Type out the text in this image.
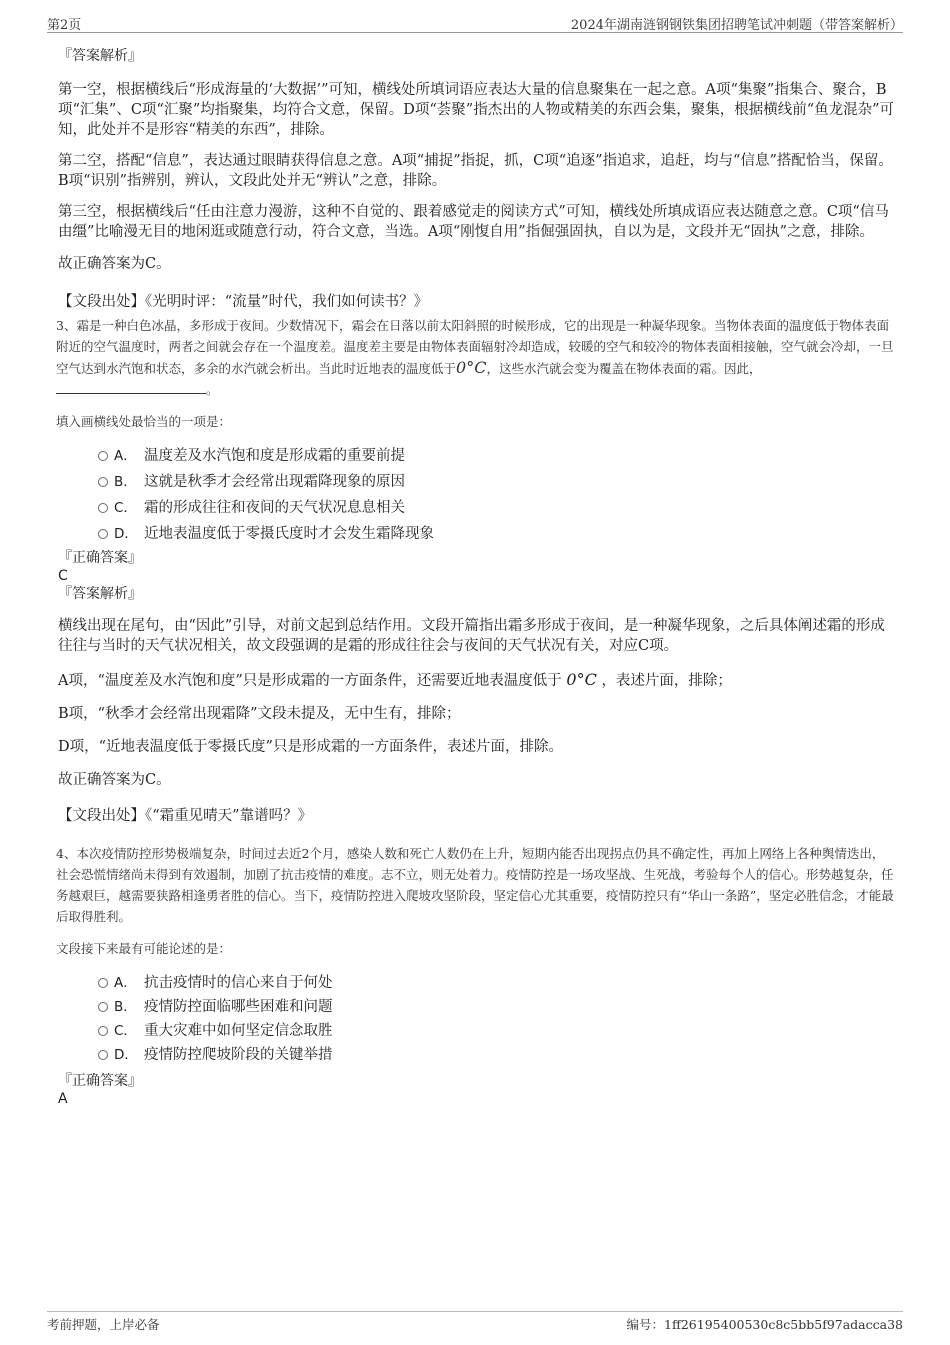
第2页	2024年湖南涟钢钢铁集团招聘笔试冲刺题（带答案解析）

『答案解析』

第一空，根据横线后“形成海量的‘大数据’”可知，横线处所填词语应表达大量的信息聚集在一起之意。A项“集聚”指集合、聚合，B项“汇集”、C项“汇聚”均指聚集，均符合文意，保留。D项“荟聚”指杰出的人物或精美的东西会集，聚集，根据横线前“鱼龙混杂”可知，此处并不是形容“精美的东西”，排除。

第二空，搭配“信息”，表达通过眼睛获得信息之意。A项“捕捉”指捉，抓，C项“追逐”指追求，追赶，均与“信息”搭配恰当，保留。B项“识别”指辨别，辨认，文段此处并无“辨认”之意，排除。

第三空，根据横线后“任由注意力漫游，这种不自觉的、跟着感觉走的阅读方式”可知，横线处所填成语应表达随意之意。C项“信马由缰”比喻漫无目的地闲逛或随意行动，符合文意，当选。A项“刚愎自用”指倔强固执，自以为是，文段并无“固执”之意，排除。

故正确答案为C。

【文段出处】《光明时评：“流量”时代，我们如何读书？》

3、霜是一种白色冰晶，多形成于夜间。少数情况下，霜会在日落以前太阳斜照的时候形成，它的出现是一种凝华现象。当物体表面的温度低于物体表面附近的空气温度时，两者之间就会存在一个温度差。温度差主要是由物体表面辐射冷却造成，较暖的空气和较冷的物体表面相接触，空气就会冷却，一旦空气达到水汽饱和状态，多余的水汽就会析出。当此时近地表的温度低于0°C，这些水汽就会变为覆盖在物体表面的霜。因此，。

填入画横线处最恰当的一项是：

A． 温度差及水汽饱和度是形成霜的重要前提
B． 这就是秋季才会经常出现霜降现象的原因
C． 霜的形成往往和夜间的天气状况息息相关
D． 近地表温度低于零摄氏度时才会发生霜降现象

『正确答案』

C

『答案解析』

横线出现在尾句，由“因此”引导，对前文起到总结作用。文段开篇指出霜多形成于夜间，是一种凝华现象，之后具体阐述霜的形成往往与当时的天气状况相关，故文段强调的是霜的形成往往会与夜间的天气状况有关，对应C项。

A项，“温度差及水汽饱和度”只是形成霜的一方面条件，还需要近地表温度低于 0°C ，表述片面，排除；

B项，“秋季才会经常出现霜降”文段未提及，无中生有，排除；

D项，“近地表温度低于零摄氏度”只是形成霜的一方面条件，表述片面，排除。

故正确答案为C。

【文段出处】《“霜重见晴天”靠谱吗？》

4、本次疫情防控形势极端复杂，时间过去近2个月，感染人数和死亡人数仍在上升，短期内能否出现拐点仍具不确定性，再加上网络上各种舆情迭出，社会恐慌情绪尚未得到有效遏制，加剧了抗击疫情的难度。志不立，则无处着力。疫情防控是一场攻坚战、生死战，考验每个人的信心。形势越复杂，任务越艰巨，越需要狭路相逢勇者胜的信心。当下，疫情防控进入爬坡攻坚阶段，坚定信心尤其重要，疫情防控只有“华山一条路”，坚定必胜信念，才能最后取得胜利。

文段接下来最有可能论述的是：

A． 抗击疫情时的信心来自于何处
B． 疫情防控面临哪些困难和问题
C． 重大灾难中如何坚定信念取胜
D． 疫情防控爬坡阶段的关键举措

『正确答案』

A

考前押题，上岸必备	编号：1ff26195400530c8c5bb5f97adacca38
